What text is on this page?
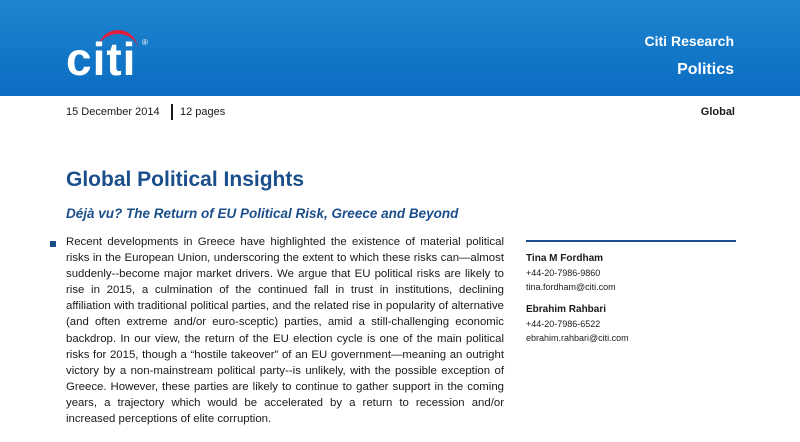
citi ®	Citi Research
Politics
15 December 2014 12 pages	Global
Global Political Insights
Déjà vu? The Return of EU Political Risk, Greece and Beyond

Recent developments in Greece have highlighted the existence of material political risks in the European Union, underscoring the extent to which these risks can—almost suddenly--become major market drivers. We argue that EU political risks are likely to rise in 2015, a culmination of the continued fall in trust in institutions, declining affiliation with traditional political parties, and the related rise in popularity of alternative (and often extreme and/or euro-sceptic) parties, amid a still-challenging economic backdrop. In our view, the return of the EU election cycle is one of the main political risks for 2015, though a “hostile takeover” of an EU government—meaning an outright victory by a non-mainstream political party--is unlikely, with the possible exception of Greece. However, these parties are likely to continue to gather support in the coming years, a trajectory which would be accelerated by a return to recession and/or increased perceptions of elite corruption.

Tina M Fordham
+44-20-7986-9860
tina.fordham@citi.com
Ebrahim Rahbari
+44-20-7986-6522
ebrahim.rahbari@citi.com
